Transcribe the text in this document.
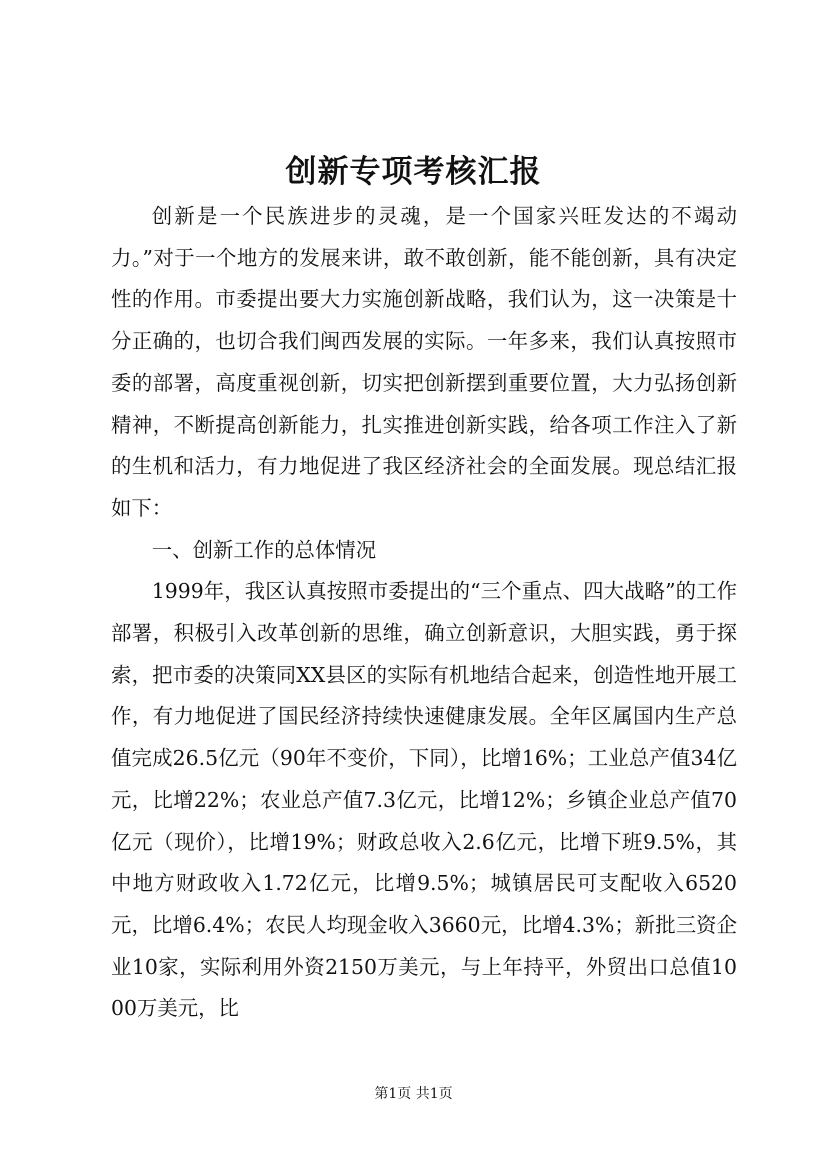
创新专项考核汇报

创新是一个民族进步的灵魂，是一个国家兴旺发达的不竭动力。”对于一个地方的发展来讲，敢不敢创新，能不能创新，具有决定性的作用。市委提出要大力实施创新战略，我们认为，这一决策是十分正确的，也切合我们闽西发展的实际。一年多来，我们认真按照市委的部署，高度重视创新，切实把创新摆到重要位置，大力弘扬创新精神，不断提高创新能力，扎实推进创新实践，给各项工作注入了新的生机和活力，有力地促进了我区经济社会的全面发展。现总结汇报如下：

一、创新工作的总体情况

1999年，我区认真按照市委提出的“三个重点、四大战略”的工作部署，积极引入改革创新的思维，确立创新意识，大胆实践，勇于探索，把市委的决策同XX县区的实际有机地结合起来，创造性地开展工作，有力地促进了国民经济持续快速健康发展。全年区属国内生产总值完成26.5亿元（90年不变价，下同），比增16%；工业总产值34亿元，比增22%；农业总产值7.3亿元，比增12%；乡镇企业总产值70亿元（现价），比增19%；财政总收入2.6亿元，比增下班9.5%，其中地方财政收入1.72亿元，比增9.5%；城镇居民可支配收入6520元，比增6.4%；农民人均现金收入3660元，比增4.3%；新批三资企业10家，实际利用外资2150万美元，与上年持平，外贸出口总值1000万美元，比

第1页 共1页
